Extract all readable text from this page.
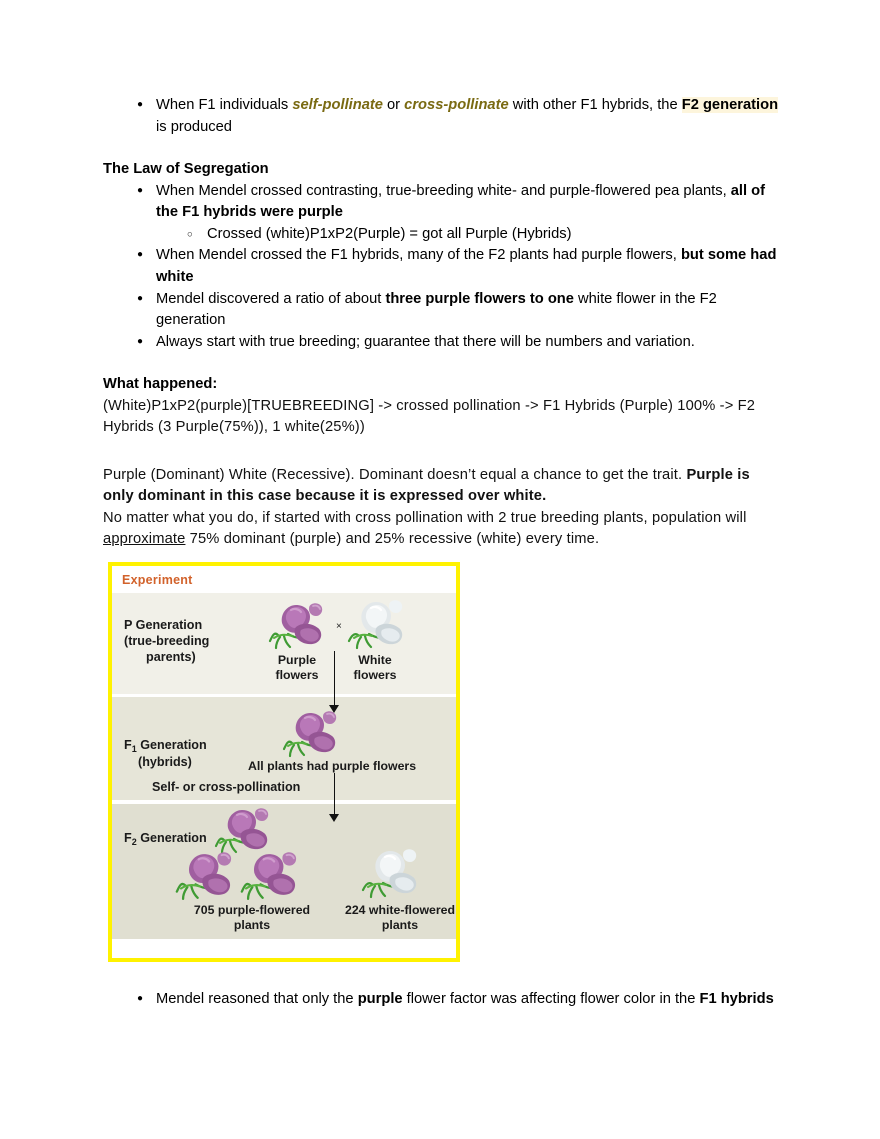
● When F1 individuals self-pollinate or cross-pollinate with other F1 hybrids, the F2 generation is produced
The Law of Segregation
● When Mendel crossed contrasting, true-breeding white- and purple-flowered pea plants, all of the F1 hybrids were purple
○ Crossed (white)P1xP2(Purple) = got all Purple (Hybrids)
● When Mendel crossed the F1 hybrids, many of the F2 plants had purple flowers, but some had white
● Mendel discovered a ratio of about three purple flowers to one white flower in the F2 generation
● Always start with true breeding; guarantee that there will be numbers and variation.
What happened:
(White)P1xP2(purple)[TRUEBREEDING] -> crossed pollination -> F1 Hybrids (Purple) 100% -> F2 Hybrids (3 Purple(75%)), 1 white(25%))
Purple (Dominant) White (Recessive). Dominant doesn’t equal a chance to get the trait. Purple is only dominant in this case because it is expressed over white.
No matter what you do, if started with cross pollination with 2 true breeding plants, population will approximate 75% dominant (purple) and 25% recessive (white) every time.
Experiment
P Generation
(true-breeding
parents)
×
Purple
flowers
White
flowers
$F_1$ Generation
(hybrids)	All plants had purple flowers
Self- or cross-pollination
$F_2$ Generation
705 purple-flowered
plants
224 white-flowered
plants
● Mendel reasoned that only the purple flower factor was affecting flower color in the F1 hybrids
